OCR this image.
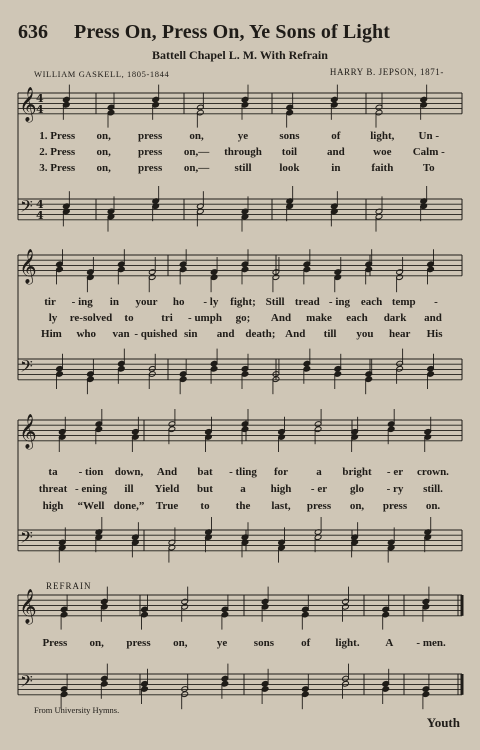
636 Press On, Press On, Ye Sons of Light
Battell Chapel L. M. With Refrain
WILLIAM GASKELL, 1805-1844	HARRY B. JEPSON, 1871-
REFRAIN
From University Hymns.
Youth
𝄞
𝄢
4
4
4
4
𝄞
𝄢
𝄞
𝄢
𝄞
𝄢
1. Press on, press on,	ye	sons	of	light, Un -
2. Press on, press on,— through toil	and	woe Calm -
3. Press on, press on,— still	look	in	faith	To
tir - ing in your ho - ly fight; Still tread - ing each temp -
ly re-solved to	tri - umph go; And make each dark and
Him who van - quished sin and death; And till you hear His
ta - tion down, And bat - tling for	a bright - er crown.
threat - ening ill Yield but a high - er glo - ry still.
high “Well done,” True to the last, press on, press on.
Press on, press on,	ye sons of light. A - men.
